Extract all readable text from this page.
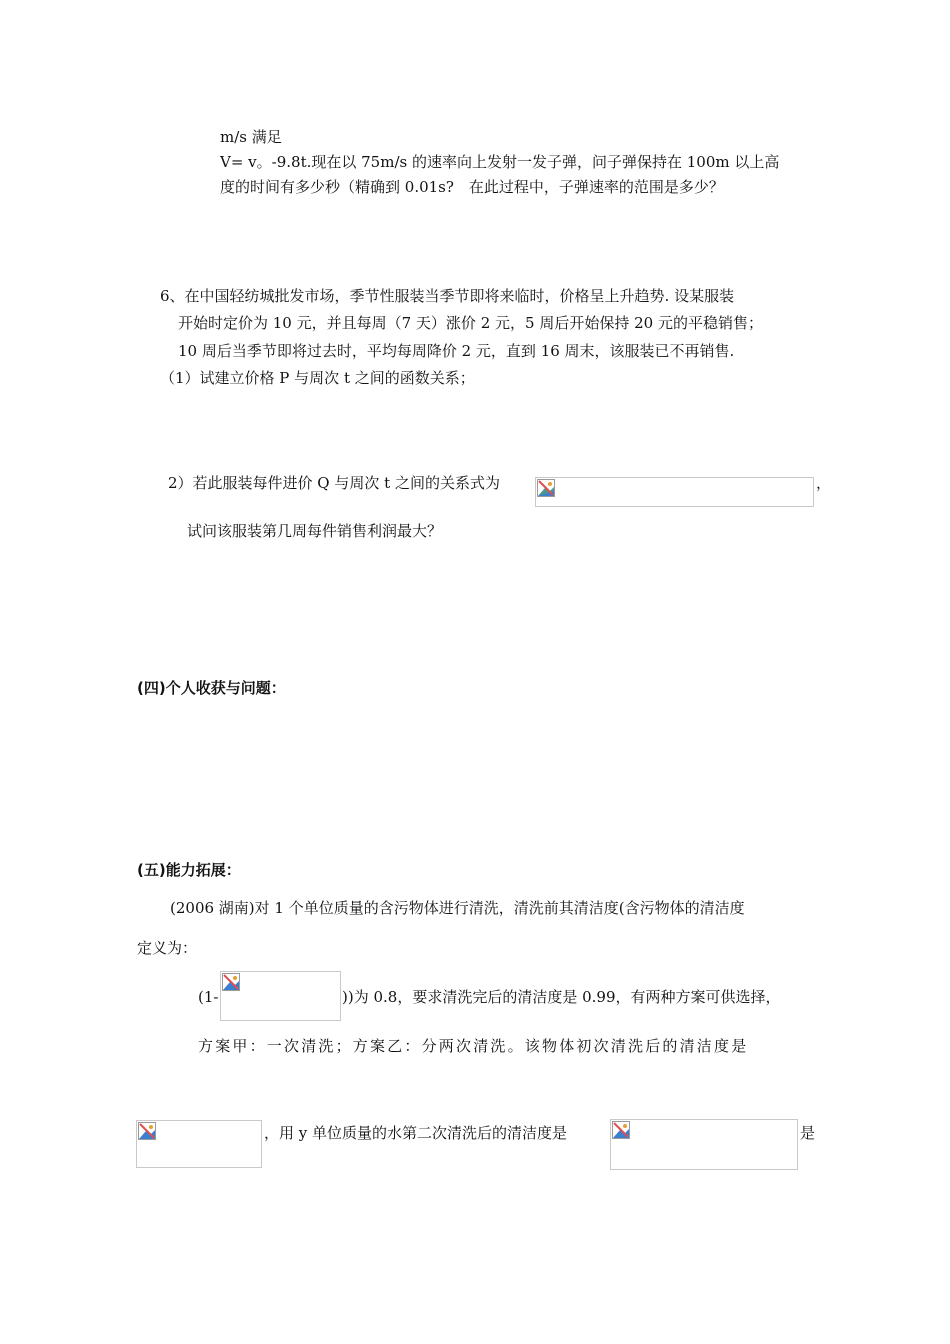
m/s 满足
V= v。-9.8t.现在以 75m/s 的速率向上发射一发子弹，问子弹保持在 100m 以上高
度的时间有多少秒（精确到 0.01s?　在此过程中，子弹速率的范围是多少？
6、在中国轻纺城批发市场，季节性服装当季节即将来临时，价格呈上升趋势. 设某服装
开始时定价为 10 元，并且每周（7 天）涨价 2 元，5 周后开始保持 20 元的平稳销售；
10 周后当季节即将过去时，平均每周降价 2 元，直到 16 周末，该服装已不再销售.
（1）试建立价格 P 与周次 t 之间的函数关系；
2）若此服装每件进价 Q 与周次 t 之间的关系式为	，
试问该服装第几周每件销售利润最大？
(四)个人收获与问题：
(五)能力拓展：
(2006 湖南)对 1 个单位质量的含污物体进行清洗，清洗前其清洁度(含污物体的清洁度
定义为：
(1-	))为 0.8，要求清洗完后的清洁度是 0.99，有两种方案可供选择，
方案甲：一次清洗；方案乙：分两次清洗。该物体初次清洗后的清洁度是
，用 y 单位质量的水第二次清洗后的清洁度是	是
